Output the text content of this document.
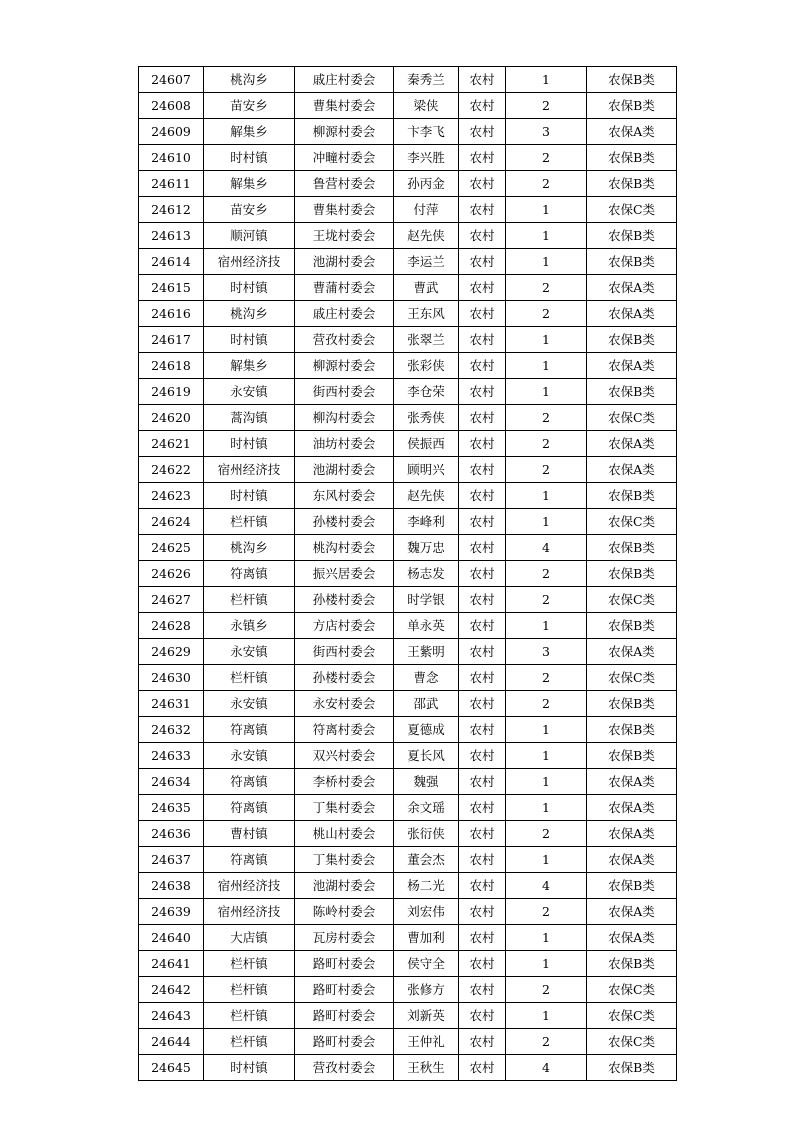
24607	桃沟乡	戚庄村委会	秦秀兰	农村	1	农保B类	
24608	苗安乡	曹集村委会	梁侠	农村	2	农保B类	
24609	解集乡	柳源村委会	卞李飞	农村	3	农保A类	
24610	时村镇	冲疃村委会	李兴胜	农村	2	农保B类	
24611	解集乡	鲁营村委会	孙丙金	农村	2	农保B类	
24612	苗安乡	曹集村委会	付萍	农村	1	农保C类	
24613	顺河镇	王垅村委会	赵先侠	农村	1	农保B类	
24614	宿州经济技	池湖村委会	李运兰	农村	1	农保B类	
24615	时村镇	曹蒲村委会	曹武	农村	2	农保A类	
24616	桃沟乡	戚庄村委会	王东风	农村	2	农保A类	
24617	时村镇	营孜村委会	张翠兰	农村	1	农保B类	
24618	解集乡	柳源村委会	张彩侠	农村	1	农保A类	
24619	永安镇	街西村委会	李仓荣	农村	1	农保B类	
24620	蒿沟镇	柳沟村委会	张秀侠	农村	2	农保C类	
24621	时村镇	油坊村委会	侯振西	农村	2	农保A类	
24622	宿州经济技	池湖村委会	顾明兴	农村	2	农保A类	
24623	时村镇	东风村委会	赵先侠	农村	1	农保B类	
24624	栏杆镇	孙楼村委会	李峰利	农村	1	农保C类	
24625	桃沟乡	桃沟村委会	魏万忠	农村	4	农保B类	
24626	符离镇	振兴居委会	杨志发	农村	2	农保B类	
24627	栏杆镇	孙楼村委会	时学银	农村	2	农保C类	
24628	永镇乡	方店村委会	单永英	农村	1	农保B类	
24629	永安镇	街西村委会	王紫明	农村	3	农保A类	
24630	栏杆镇	孙楼村委会	曹念	农村	2	农保C类	
24631	永安镇	永安村委会	邵武	农村	2	农保B类	
24632	符离镇	符离村委会	夏德成	农村	1	农保B类	
24633	永安镇	双兴村委会	夏长风	农村	1	农保B类	
24634	符离镇	李桥村委会	魏强	农村	1	农保A类	
24635	符离镇	丁集村委会	余文瑶	农村	1	农保A类	
24636	曹村镇	桃山村委会	张衍侠	农村	2	农保A类	
24637	符离镇	丁集村委会	董会杰	农村	1	农保A类	
24638	宿州经济技	池湖村委会	杨二光	农村	4	农保B类	
24639	宿州经济技	陈岭村委会	刘宏伟	农村	2	农保A类	
24640	大店镇	瓦房村委会	曹加利	农村	1	农保A类	
24641	栏杆镇	路町村委会	侯守全	农村	1	农保B类	
24642	栏杆镇	路町村委会	张修方	农村	2	农保C类	
24643	栏杆镇	路町村委会	刘新英	农村	1	农保C类	
24644	栏杆镇	路町村委会	王仲礼	农村	2	农保C类	
24645	时村镇	营孜村委会	王秋生	农村	4	农保B类	
